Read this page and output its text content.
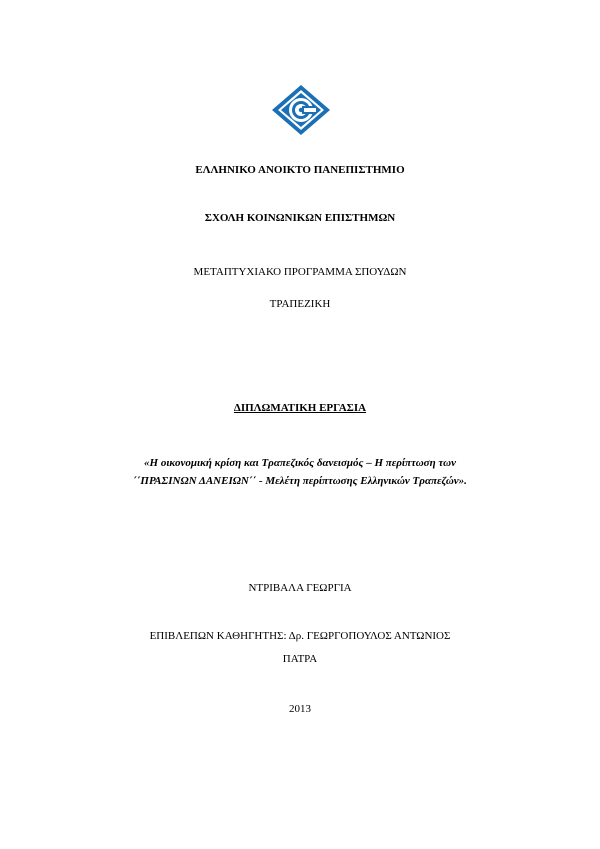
ΕΛΛΗΝΙΚΟ ΑΝΟΙΚΤΟ ΠΑΝΕΠΙΣΤΗΜΙΟ
ΣΧΟΛΗ ΚΟΙΝΩΝΙΚΩΝ ΕΠΙΣΤΗΜΩΝ
ΜΕΤΑΠΤΥΧΙΑΚΟ ΠΡΟΓΡΑΜΜΑ ΣΠΟΥΔΩΝ
ΤΡΑΠΕΖΙΚΗ
ΔΙΠΛΩΜΑΤΙΚΗ ΕΡΓΑΣΙΑ
«Η οικονομική κρίση και Τραπεζικός δανεισμός – Η περίπτωση των
΄΄ΠΡΑΣΙΝΩΝ ΔΑΝΕΙΩΝ΄΄ - Μελέτη περίπτωσης Ελληνικών Τραπεζών».
ΝΤΡΙΒΑΛΑ ΓΕΩΡΓΙΑ
ΕΠΙΒΛΕΠΩΝ ΚΑΘΗΓΗΤΗΣ: Δρ. ΓΕΩΡΓΟΠΟΥΛΟΣ ΑΝΤΩΝΙΟΣ
ΠΑΤΡΑ
2013
